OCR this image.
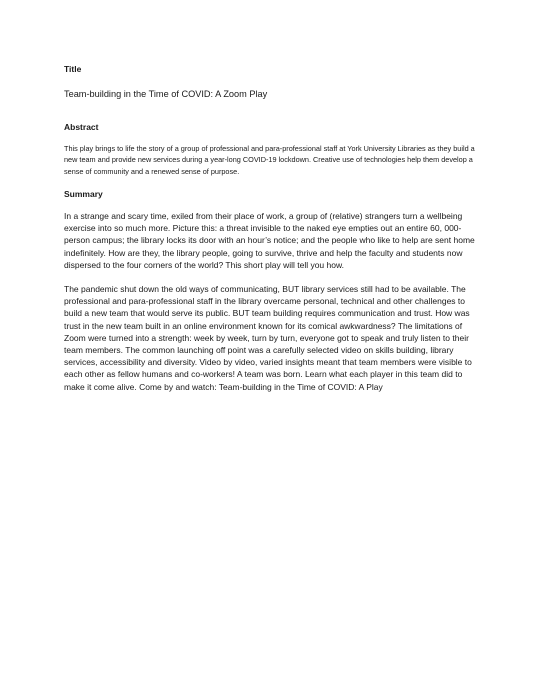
Title

Team-building in the Time of COVID: A Zoom Play

Abstract

This play brings to life the story of a group of professional and para-professional staff at York University Libraries as they build a new team and provide new services during a year-long COVID-19 lockdown. Creative use of technologies help them develop a sense of community and a renewed sense of purpose.

Summary

In a strange and scary time, exiled from their place of work, a group of (relative) strangers turn a wellbeing exercise into so much more. Picture this: a threat invisible to the naked eye empties out an entire 60, 000-person campus; the library locks its door with an hour’s notice; and the people who like to help are sent home indefinitely. How are they, the library people, going to survive, thrive and help the faculty and students now dispersed to the four corners of the world? This short play will tell you how.

The pandemic shut down the old ways of communicating, BUT library services still had to be available. The professional and para-professional staff in the library overcame personal, technical and other challenges to build a new team that would serve its public. BUT team building requires communication and trust. How was trust in the new team built in an online environment known for its comical awkwardness? The limitations of Zoom were turned into a strength: week by week, turn by turn, everyone got to speak and truly listen to their team members. The common launching off point was a carefully selected video on skills building, library services, accessibility and diversity. Video by video, varied insights meant that team members were visible to each other as fellow humans and co-workers! A team was born. Learn what each player in this team did to make it come alive. Come by and watch: Team-building in the Time of COVID: A Play
